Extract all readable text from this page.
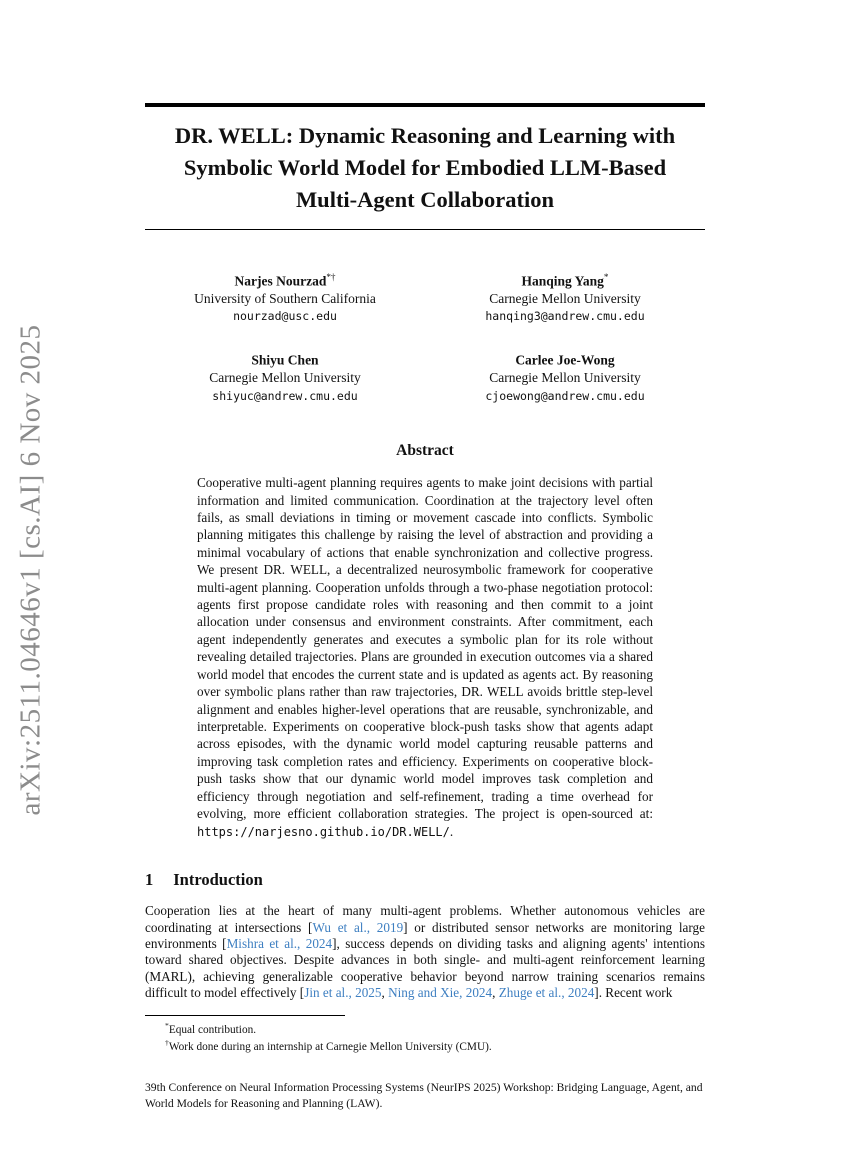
arXiv:2511.04646v1 [cs.AI] 6 Nov 2025
DR. WELL: Dynamic Reasoning and Learning with
Symbolic World Model for Embodied LLM-Based
Multi-Agent Collaboration
Narjes Nourzad*†
University of Southern California
nourzad@usc.edu
Hanqing Yang*
Carnegie Mellon University
hanqing3@andrew.cmu.edu
Shiyu Chen
Carnegie Mellon University
shiyuc@andrew.cmu.edu
Carlee Joe-Wong
Carnegie Mellon University
cjoewong@andrew.cmu.edu
Abstract

Cooperative multi-agent planning requires agents to make joint decisions with partial information and limited communication. Coordination at the trajectory level often fails, as small deviations in timing or movement cascade into conflicts. Symbolic planning mitigates this challenge by raising the level of abstraction and providing a minimal vocabulary of actions that enable synchronization and collective progress. We present DR. WELL, a decentralized neurosymbolic framework for cooperative multi-agent planning. Cooperation unfolds through a two-phase negotiation protocol: agents first propose candidate roles with reasoning and then commit to a joint allocation under consensus and environment constraints. After commitment, each agent independently generates and executes a symbolic plan for its role without revealing detailed trajectories. Plans are grounded in execution outcomes via a shared world model that encodes the current state and is updated as agents act. By reasoning over symbolic plans rather than raw trajectories, DR. WELL avoids brittle step-level alignment and enables higher-level operations that are reusable, synchronizable, and interpretable. Experiments on cooperative block-push tasks show that agents adapt across episodes, with the dynamic world model capturing reusable patterns and improving task completion rates and efficiency. Experiments on cooperative block-push tasks show that our dynamic world model improves task completion and efficiency through negotiation and self-refinement, trading a time overhead for evolving, more efficient collaboration strategies. The project is open-sourced at: https://narjesno.github.io/DR.WELL/.

1 Introduction

Cooperation lies at the heart of many multi-agent problems. Whether autonomous vehicles are coordinating at intersections [Wu et al., 2019] or distributed sensor networks are monitoring large environments [Mishra et al., 2024], success depends on dividing tasks and aligning agents' intentions toward shared objectives. Despite advances in both single- and multi-agent reinforcement learning (MARL), achieving generalizable cooperative behavior beyond narrow training scenarios remains difficult to model effectively [Jin et al., 2025, Ning and Xie, 2024, Zhuge et al., 2024]. Recent work

*Equal contribution.
†Work done during an internship at Carnegie Mellon University (CMU).
39th Conference on Neural Information Processing Systems (NeurIPS 2025) Workshop: Bridging Language, Agent, and World Models for Reasoning and Planning (LAW).
